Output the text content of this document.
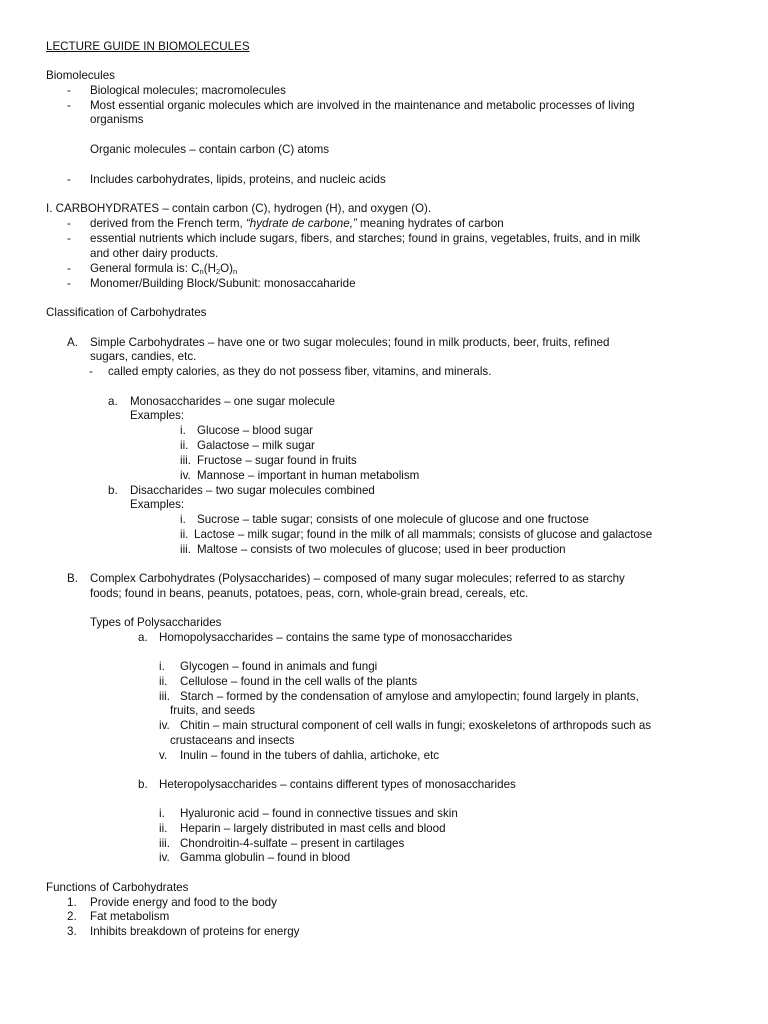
LECTURE GUIDE IN BIOMOLECULES
Biomolecules
- Biological molecules; macromolecules
- Most essential organic molecules which are involved in the maintenance and metabolic processes of living
organisms
Organic molecules – contain carbon (C) atoms
- Includes carbohydrates, lipids, proteins, and nucleic acids
I. CARBOHYDRATES – contain carbon (C), hydrogen (H), and oxygen (O).
- derived from the French term, “hydrate de carbone,” meaning hydrates of carbon
- essential nutrients which include sugars, fibers, and starches; found in grains, vegetables, fruits, and in milk
and other dairy products.
- General formula is: $C_n(H_2O)_n$
- Monomer/Building Block/Subunit: monosaccaharide
Classification of Carbohydrates
A. Simple Carbohydrates – have one or two sugar molecules; found in milk products, beer, fruits, refined
sugars, candies, etc.
- called empty calories, as they do not possess fiber, vitamins, and minerals.
a. Monosaccharides – one sugar molecule
Examples:
i. Glucose – blood sugar
ii. Galactose – milk sugar
iii. Fructose – sugar found in fruits
iv. Mannose – important in human metabolism
b. Disaccharides – two sugar molecules combined
Examples:
i. Sucrose – table sugar; consists of one molecule of glucose and one fructose
ii. Lactose – milk sugar; found in the milk of all mammals; consists of glucose and galactose
iii. Maltose – consists of two molecules of glucose; used in beer production
B. Complex Carbohydrates (Polysaccharides) – composed of many sugar molecules; referred to as starchy
foods; found in beans, peanuts, potatoes, peas, corn, whole-grain bread, cereals, etc.
Types of Polysaccharides
a. Homopolysaccharides – contains the same type of monosaccharides
i. Glycogen – found in animals and fungi
ii. Cellulose – found in the cell walls of the plants
iii. Starch – formed by the condensation of amylose and amylopectin; found largely in plants,
fruits, and seeds
iv. Chitin – main structural component of cell walls in fungi; exoskeletons of arthropods such as
crustaceans and insects
v. Inulin – found in the tubers of dahlia, artichoke, etc
b. Heteropolysaccharides – contains different types of monosaccharides
i. Hyaluronic acid – found in connective tissues and skin
ii. Heparin – largely distributed in mast cells and blood
iii. Chondroitin-4-sulfate – present in cartilages
iv. Gamma globulin – found in blood
Functions of Carbohydrates
1. Provide energy and food to the body
2. Fat metabolism
3. Inhibits breakdown of proteins for energy
